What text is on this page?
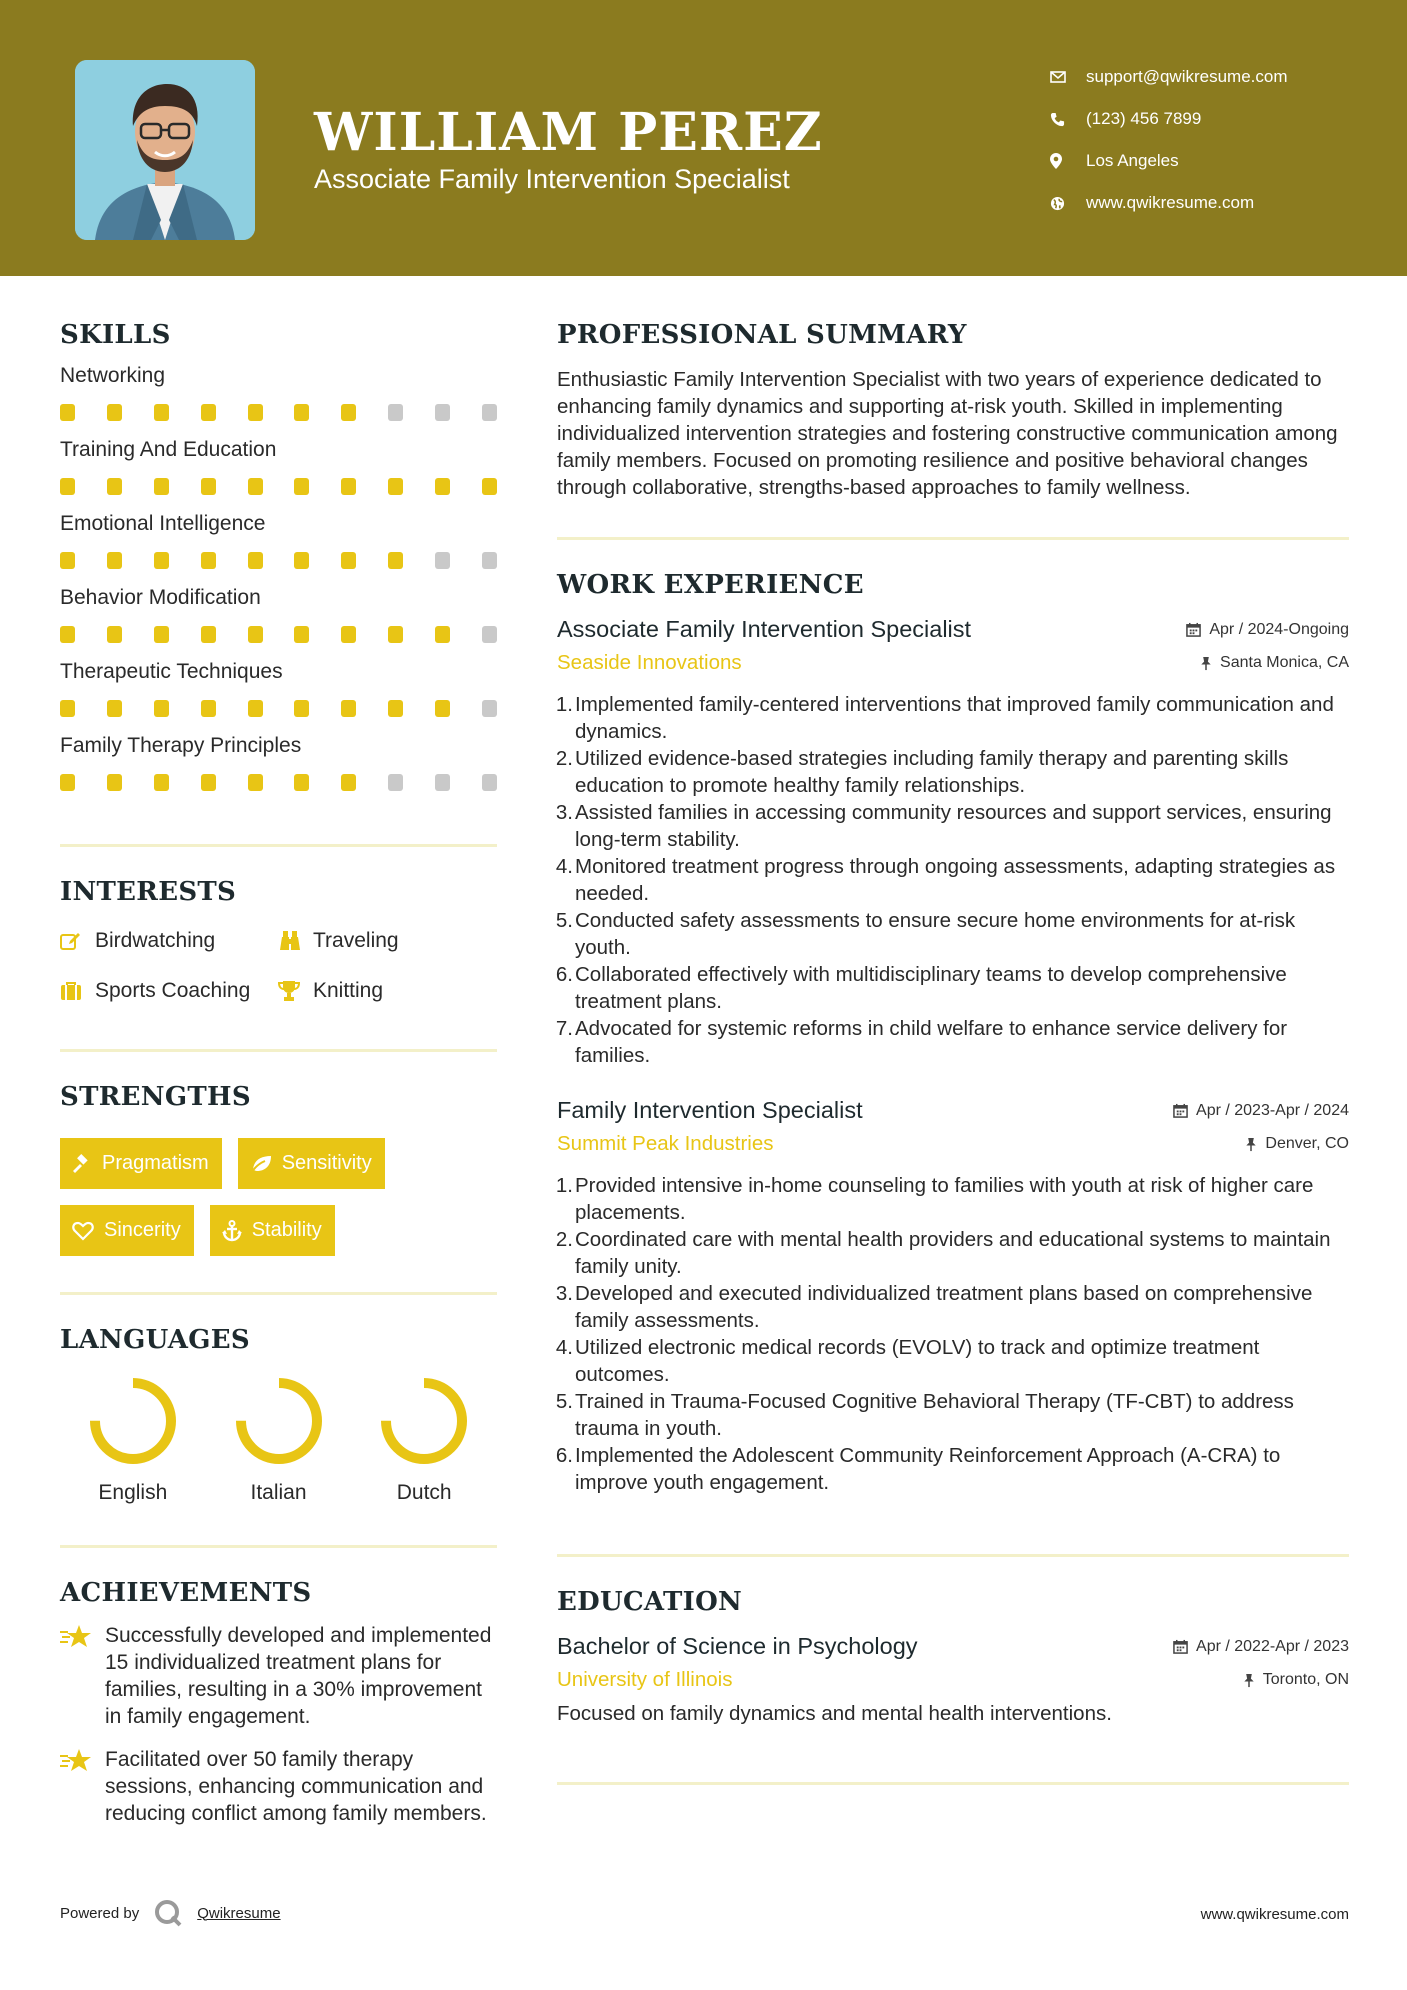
WILLIAM PEREZ
Associate Family Intervention Specialist
support@qwikresume.com
(123) 456 7899
Los Angeles
www.qwikresume.com
SKILLS
Networking
Training And Education
Emotional Intelligence
Behavior Modification
Therapeutic Techniques
Family Therapy Principles
INTERESTS
Birdwatching	Traveling
Sports Coaching	Knitting
STRENGTHS
Pragmatism	Sensitivity
Sincerity	Stability
LANGUAGES
English	Italian	Dutch
ACHIEVEMENTS
Successfully developed and implemented 15 individualized treatment plans for families, resulting in a 30% improvement in family engagement.
Facilitated over 50 family therapy sessions, enhancing communication and reducing conflict among family members.
PROFESSIONAL SUMMARY
Enthusiastic Family Intervention Specialist with two years of experience dedicated to enhancing family dynamics and supporting at-risk youth. Skilled in implementing individualized intervention strategies and fostering constructive communication among family members. Focused on promoting resilience and positive behavioral changes through collaborative, strengths-based approaches to family wellness.
WORK EXPERIENCE
Associate Family Intervention Specialist	Apr / 2024-Ongoing
Seaside Innovations	Santa Monica, CA
Implemented family-centered interventions that improved family communication and dynamics.
Utilized evidence-based strategies including family therapy and parenting skills education to promote healthy family relationships.
Assisted families in accessing community resources and support services, ensuring long-term stability.
Monitored treatment progress through ongoing assessments, adapting strategies as needed.
Conducted safety assessments to ensure secure home environments for at-risk youth.
Collaborated effectively with multidisciplinary teams to develop comprehensive treatment plans.
Advocated for systemic reforms in child welfare to enhance service delivery for families.
Family Intervention Specialist	Apr / 2023-Apr / 2024
Summit Peak Industries	Denver, CO
Provided intensive in-home counseling to families with youth at risk of higher care placements.
Coordinated care with mental health providers and educational systems to maintain family unity.
Developed and executed individualized treatment plans based on comprehensive family assessments.
Utilized electronic medical records (EVOLV) to track and optimize treatment outcomes.
Trained in Trauma-Focused Cognitive Behavioral Therapy (TF-CBT) to address trauma in youth.
Implemented the Adolescent Community Reinforcement Approach (A-CRA) to improve youth engagement.
EDUCATION
Bachelor of Science in Psychology	Apr / 2022-Apr / 2023
University of Illinois	Toronto, ON
Focused on family dynamics and mental health interventions.
Powered by	Qwikresume	www.qwikresume.com
